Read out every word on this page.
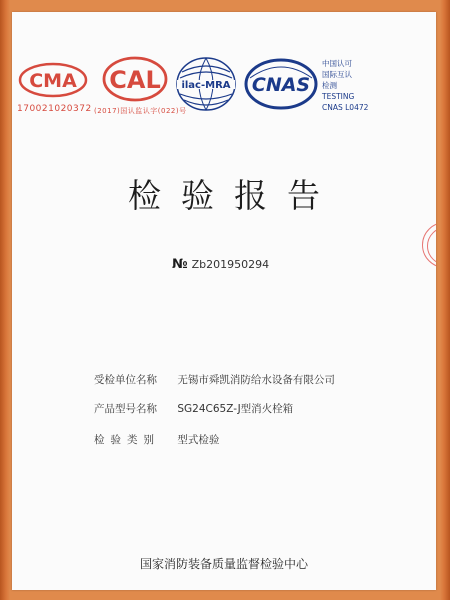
CMA
170021020372
CAL
(2017)国认监认字(022)号
ilac-MRA CNAS
中国认可
国际互认
检测
TESTING
CNAS L0472
检验报告
№ Zb201950294
受检单位名称 无锡市舜凯消防给水设备有限公司
产品型号名称 SG24C65Z-J型消火栓箱
检验类别 型式检验
国家消防装备质量监督检验中心
